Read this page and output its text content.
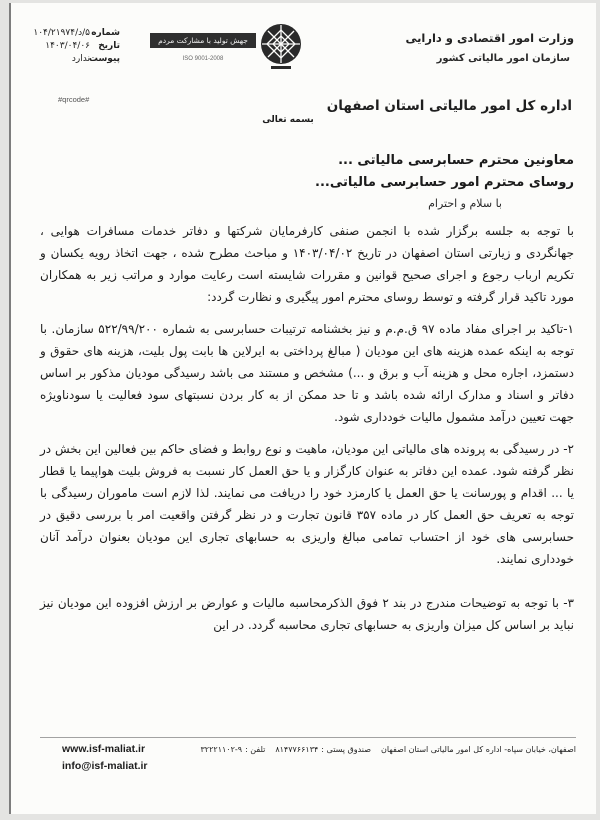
وزارت امور اقتصادی و دارایی
سازمان امور مالیاتی کشور
جهش تولید با مشارکت مردم
ISO 9001-2008
شماره
۵/د/۱۰۴/۲۱۹۷۴
تاریخ
۱۴۰۳/۰۴/۰۶
پیوست
ندارد
#qrcode#	اداره کل امور مالیاتی استان اصفهان
بسمه تعالی
معاونین محترم حسابرسی مالیاتی ...
روسای محترم امور حسابرسی مالیاتی...
با سلام و احترام

با توجه به جلسه برگزار شده با انجمن صنفی کارفرمایان شرکتها و دفاتر خدمات مسافرات هوایی ، جهانگردی و زیارتی استان اصفهان در تاریخ ۱۴۰۳/۰۴/۰۲ و مباحث مطرح شده ، جهت اتخاذ رویه یکسان و تکریم ارباب رجوع و اجرای صحیح قوانین و مقررات شایسته است رعایت موارد و مراتب زیر به همکاران مورد تاکید قرار گرفته و توسط روسای محترم امور پیگیری و نظارت گردد:

۱-تاکید بر اجرای مفاد ماده ۹۷ ق.م.م و نیز بخشنامه ترتیبات حسابرسی به شماره ۵۲۲/۹۹/۲۰۰ سازمان. با توجه به اینکه عمده هزینه های این مودیان ( مبالغ پرداختی به ایرلاین ها بابت پول بلیت، هزینه های حقوق و دستمزد، اجاره محل و هزینه آب و برق و ...) مشخص و مستند می باشد رسیدگی مودیان مذکور بر اساس دفاتر و اسناد و مدارک ارائه شده باشد و تا حد ممکن از به کار بردن نسبتهای سود فعالیت یا سودناویژه جهت تعیین درآمد مشمول مالیات خودداری شود.

۲- در رسیدگی به پرونده های مالیاتی این مودیان، ماهیت و نوع روابط و فضای حاکم بین فعالین این بخش در نظر گرفته شود. عمده این دفاتر به عنوان کارگزار و یا حق العمل کار نسبت به فروش بلیت هواپیما یا قطار یا ... اقدام و پورسانت یا حق العمل یا کارمزد خود را دریافت می نمایند. لذا لازم است ماموران رسیدگی با توجه به تعریف حق العمل کار در ماده ۳۵۷ قانون تجارت و در نظر گرفتن واقعیت امر با بررسی دقیق در حسابرسی های خود از احتساب تمامی مبالغ واریزی به حسابهای تجاری این مودیان بعنوان درآمد آنان خودداری نمایند.

۳- با توجه به توضیحات مندرج در بند ۲ فوق الذکرمحاسبه مالیات و عوارض بر ارزش افزوده این مودیان نیز نباید بر اساس کل میزان واریزی به حسابهای تجاری محاسبه گردد. در این

اصفهان، خیابان سپاه- اداره کل امور مالیاتی استان اصفهان
صندوق پستی :
۸۱۴۷۷۶۶۱۳۴
تلفن :
۳۲۲۲۱۱۰۲-۹
www.isf-maliat.ir
info@isf-maliat.ir
